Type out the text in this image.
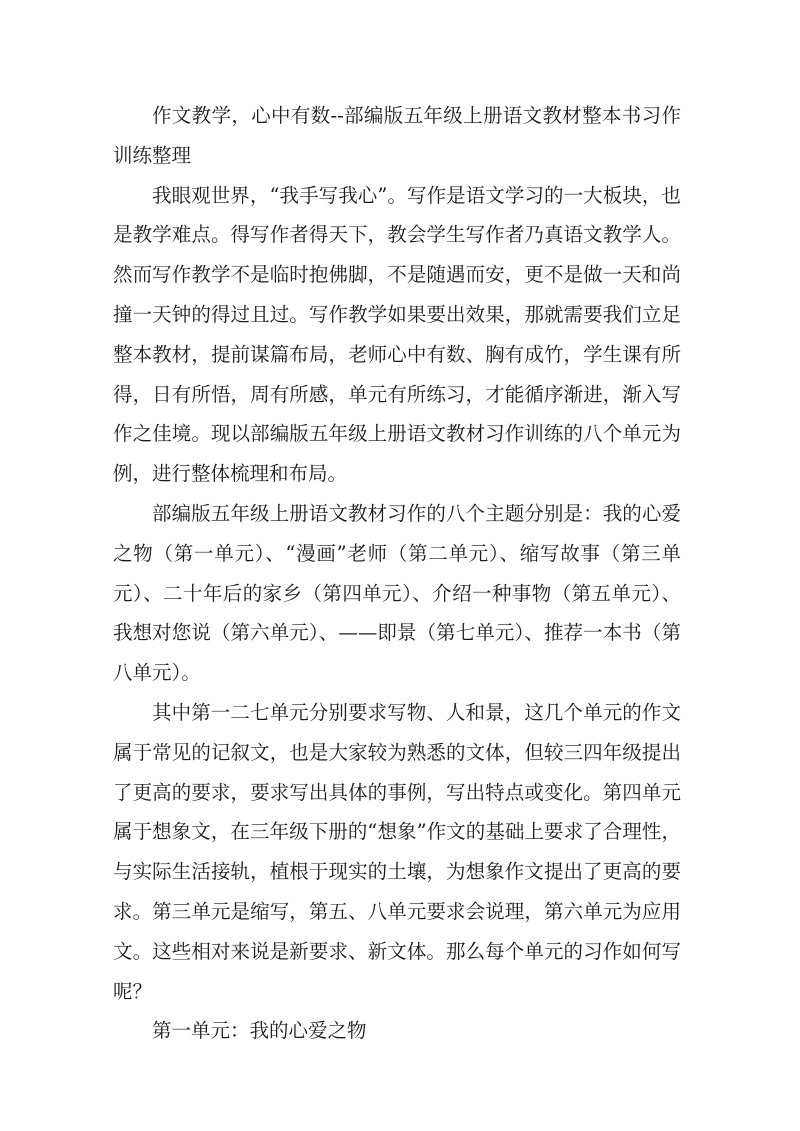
作文教学，心中有数--部编版五年级上册语文教材整本书习作训练整理

我眼观世界，“我手写我心”。写作是语文学习的一大板块，也是教学难点。得写作者得天下，教会学生写作者乃真语文教学人。然而写作教学不是临时抱佛脚，不是随遇而安，更不是做一天和尚撞一天钟的得过且过。写作教学如果要出效果，那就需要我们立足整本教材，提前谋篇布局，老师心中有数、胸有成竹，学生课有所得，日有所悟，周有所感，单元有所练习，才能循序渐进，渐入写作之佳境。现以部编版五年级上册语文教材习作训练的八个单元为例，进行整体梳理和布局。

部编版五年级上册语文教材习作的八个主题分别是：我的心爱之物（第一单元）、“漫画”老师（第二单元）、缩写故事（第三单元）、二十年后的家乡（第四单元）、介绍一种事物（第五单元）、我想对您说（第六单元）、——即景（第七单元）、推荐一本书（第八单元）。

其中第一二七单元分别要求写物、人和景，这几个单元的作文属于常见的记叙文，也是大家较为熟悉的文体，但较三四年级提出了更高的要求，要求写出具体的事例，写出特点或变化。第四单元属于想象文，在三年级下册的“想象”作文的基础上要求了合理性，与实际生活接轨，植根于现实的土壤，为想象作文提出了更高的要求。第三单元是缩写，第五、八单元要求会说理，第六单元为应用文。这些相对来说是新要求、新文体。那么每个单元的习作如何写呢？

第一单元：我的心爱之物
